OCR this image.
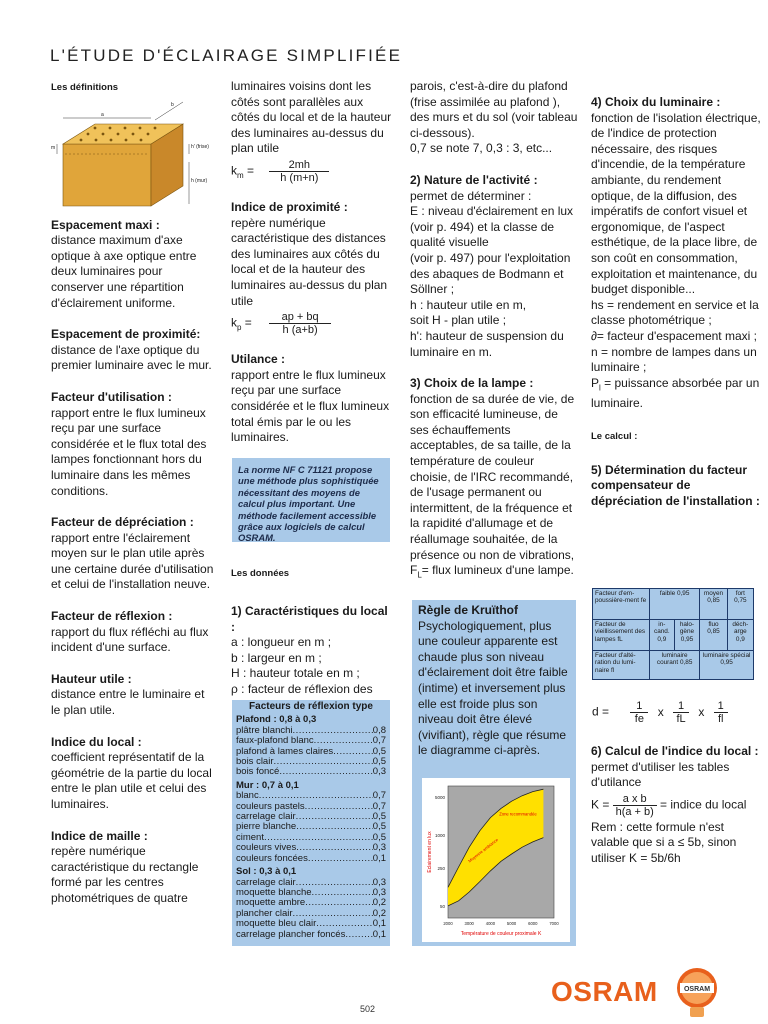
L'ÉTUDE D'ÉCLAIRAGE SIMPLIFIÉE
Les définitions
a
b
h' (frise)
h (mur)
m
Espacement maxi :
distance maximum d'axe optique à axe optique entre deux luminaires pour conserver une répartition d'éclairement uniforme.
Espacement de proximité:
distance de l'axe optique du premier luminaire avec le mur.
Facteur d'utilisation :
rapport entre le flux lumineux reçu par une surface considérée et le flux total des lampes fonctionnant hors du luminaire dans les mêmes conditions.
Facteur de dépréciation :
rapport entre l'éclairement moyen sur le plan utile après une certaine durée d'utilisation et celui de l'installation neuve.
Facteur de réflexion :
rapport du flux réfléchi au flux incident d'une surface.
Hauteur utile :
distance entre le luminaire et le plan utile.
Indice du local :
coefficient représentatif de la géométrie de la partie du local entre le plan utile et celui des luminaires.
Indice de maille :
repère numérique caractéristique du rectangle formé par les centres photométriques de quatre
luminaires voisins dont les côtés sont parallèles aux côtés du local et de la hauteur des luminaires au-dessus du plan utile
$k_m = \frac{2mh}{h (m+n)}$
Indice de proximité :
repère numérique caractéristique des distances des luminaires aux côtés du local et de la hauteur des luminaires au-dessus du plan utile
$k_p = \frac{ap + bq}{h (a+b)}$
Utilance :
rapport entre le flux lumineux reçu par une surface considérée et le flux lumineux total émis par le ou les luminaires.
La norme NF C 71121 propose une méthode plus sophistiquée nécessitant des moyens de calcul plus important. Une méthode facilement accessible grâce aux logiciels de calcul OSRAM.
Les données
1) Caractéristiques du local :
a : longueur en m ;
b : largeur en m ;
H : hauteur totale en m ;
ρ : facteur de réflexion des
Facteurs de réflexion type
Plafond : 0,8 à 0,3
plâtre blanchi .....	0,8
faux-plafond blanc .....	0,7
plafond à lames claires .....	0,5
bois clair .....	0,5
bois foncé .....	0,3
Mur : 0,7 à 0,1
blanc .....	0,7
couleurs pastels .....	0,7
carrelage clair .....	0,5
pierre blanche .....	0,5
ciment .....	0,5
couleurs vives .....	0,3
couleurs foncées .....	0,1
Sol : 0,3 à 0,1
carrelage clair .....	0,3
moquette blanche .....	0,3
moquette ambre .....	0,2
plancher clair .....	0,2
moquette bleu clair .....	0,1
carrelage plancher foncés .....	0,1
parois, c'est-à-dire du plafond (frise assimilée au plafond ), des murs et du sol (voir tableau ci-dessous).
0,7 se note 7, 0,3 : 3, etc...
2) Nature de l'activité :
permet de déterminer :
E : niveau d'éclairement en lux (voir p. 494) et la classe de qualité visuelle
(voir p. 497) pour l'exploitation des abaques de Bodmann et Söllner ;
h : hauteur utile en m,
soit H - plan utile ;
h': hauteur de suspension du luminaire en m.
3) Choix de la lampe :
fonction de sa durée de vie, de son efficacité lumineuse, de ses échauffements acceptables, de sa taille, de la température de couleur choisie, de l'IRC recommandé, de l'usage permanent ou intermittent, de la fréquence et la rapidité d'allumage et de réallumage souhaitée, de la présence ou non de vibrations,
$F_L=$ flux lumineux d'une lampe.
Règle de Kruïthof
Psychologiquement, plus une couleur apparente est chaude plus son niveau d'éclairement doit être faible (intime) et inversement plus elle est froide plus son niveau doit être élevé (vivifiant), règle que résume le diagramme ci-après.
50
250
1000
5000
2000	3000	4000	5000	6000	7000
Température de couleur proximale K
Eclairement en lux
Zone recommandée
Moyenne ambiance
4) Choix du luminaire :
fonction de l'isolation électrique, de l'indice de protection nécessaire, des risques d'incendie, de la température ambiante, du rendement optique, de la diffusion, des impératifs de confort visuel et ergonomique, de l'aspect esthétique, de la place libre, de son coût en consommation, exploitation et maintenance, du budget disponible...
hs = rendement en service et la classe photométrique ;
∂= facteur d'espacement maxi ;
n = nombre de lampes dans un luminaire ;
$P_l$ = puissance absorbée par un luminaire.
Le calcul :
5) Détermination du facteur compensateur de dépréciation de l'installation :
Facteur d'em-poussière-ment fe	faible 0,95		moyen 0,85	fort 0,75
Facteur de vieillissement des lampes fL	in-cand. 0,9	halo-gène 0,95	fluo 0,85	déch-arge 0,9
Facteur d'alté-ration du lumi-naire fl	luminaire courant 0,85		luminaire spécial 0,95	
$d = \frac{1}{fe}$ x $\frac{1}{fL}$ x $\frac{1}{fl}$
6) Calcul de l'indice du local :
permet d'utiliser les tables d'utilance
$K = \frac{\text{a x b}}{h(a + b)}$ = indice du local
Rem : cette formule n'est valable que si a ≤ 5b, sinon utiliser K = 5b/6h
OSRAM	OSRAM
502
